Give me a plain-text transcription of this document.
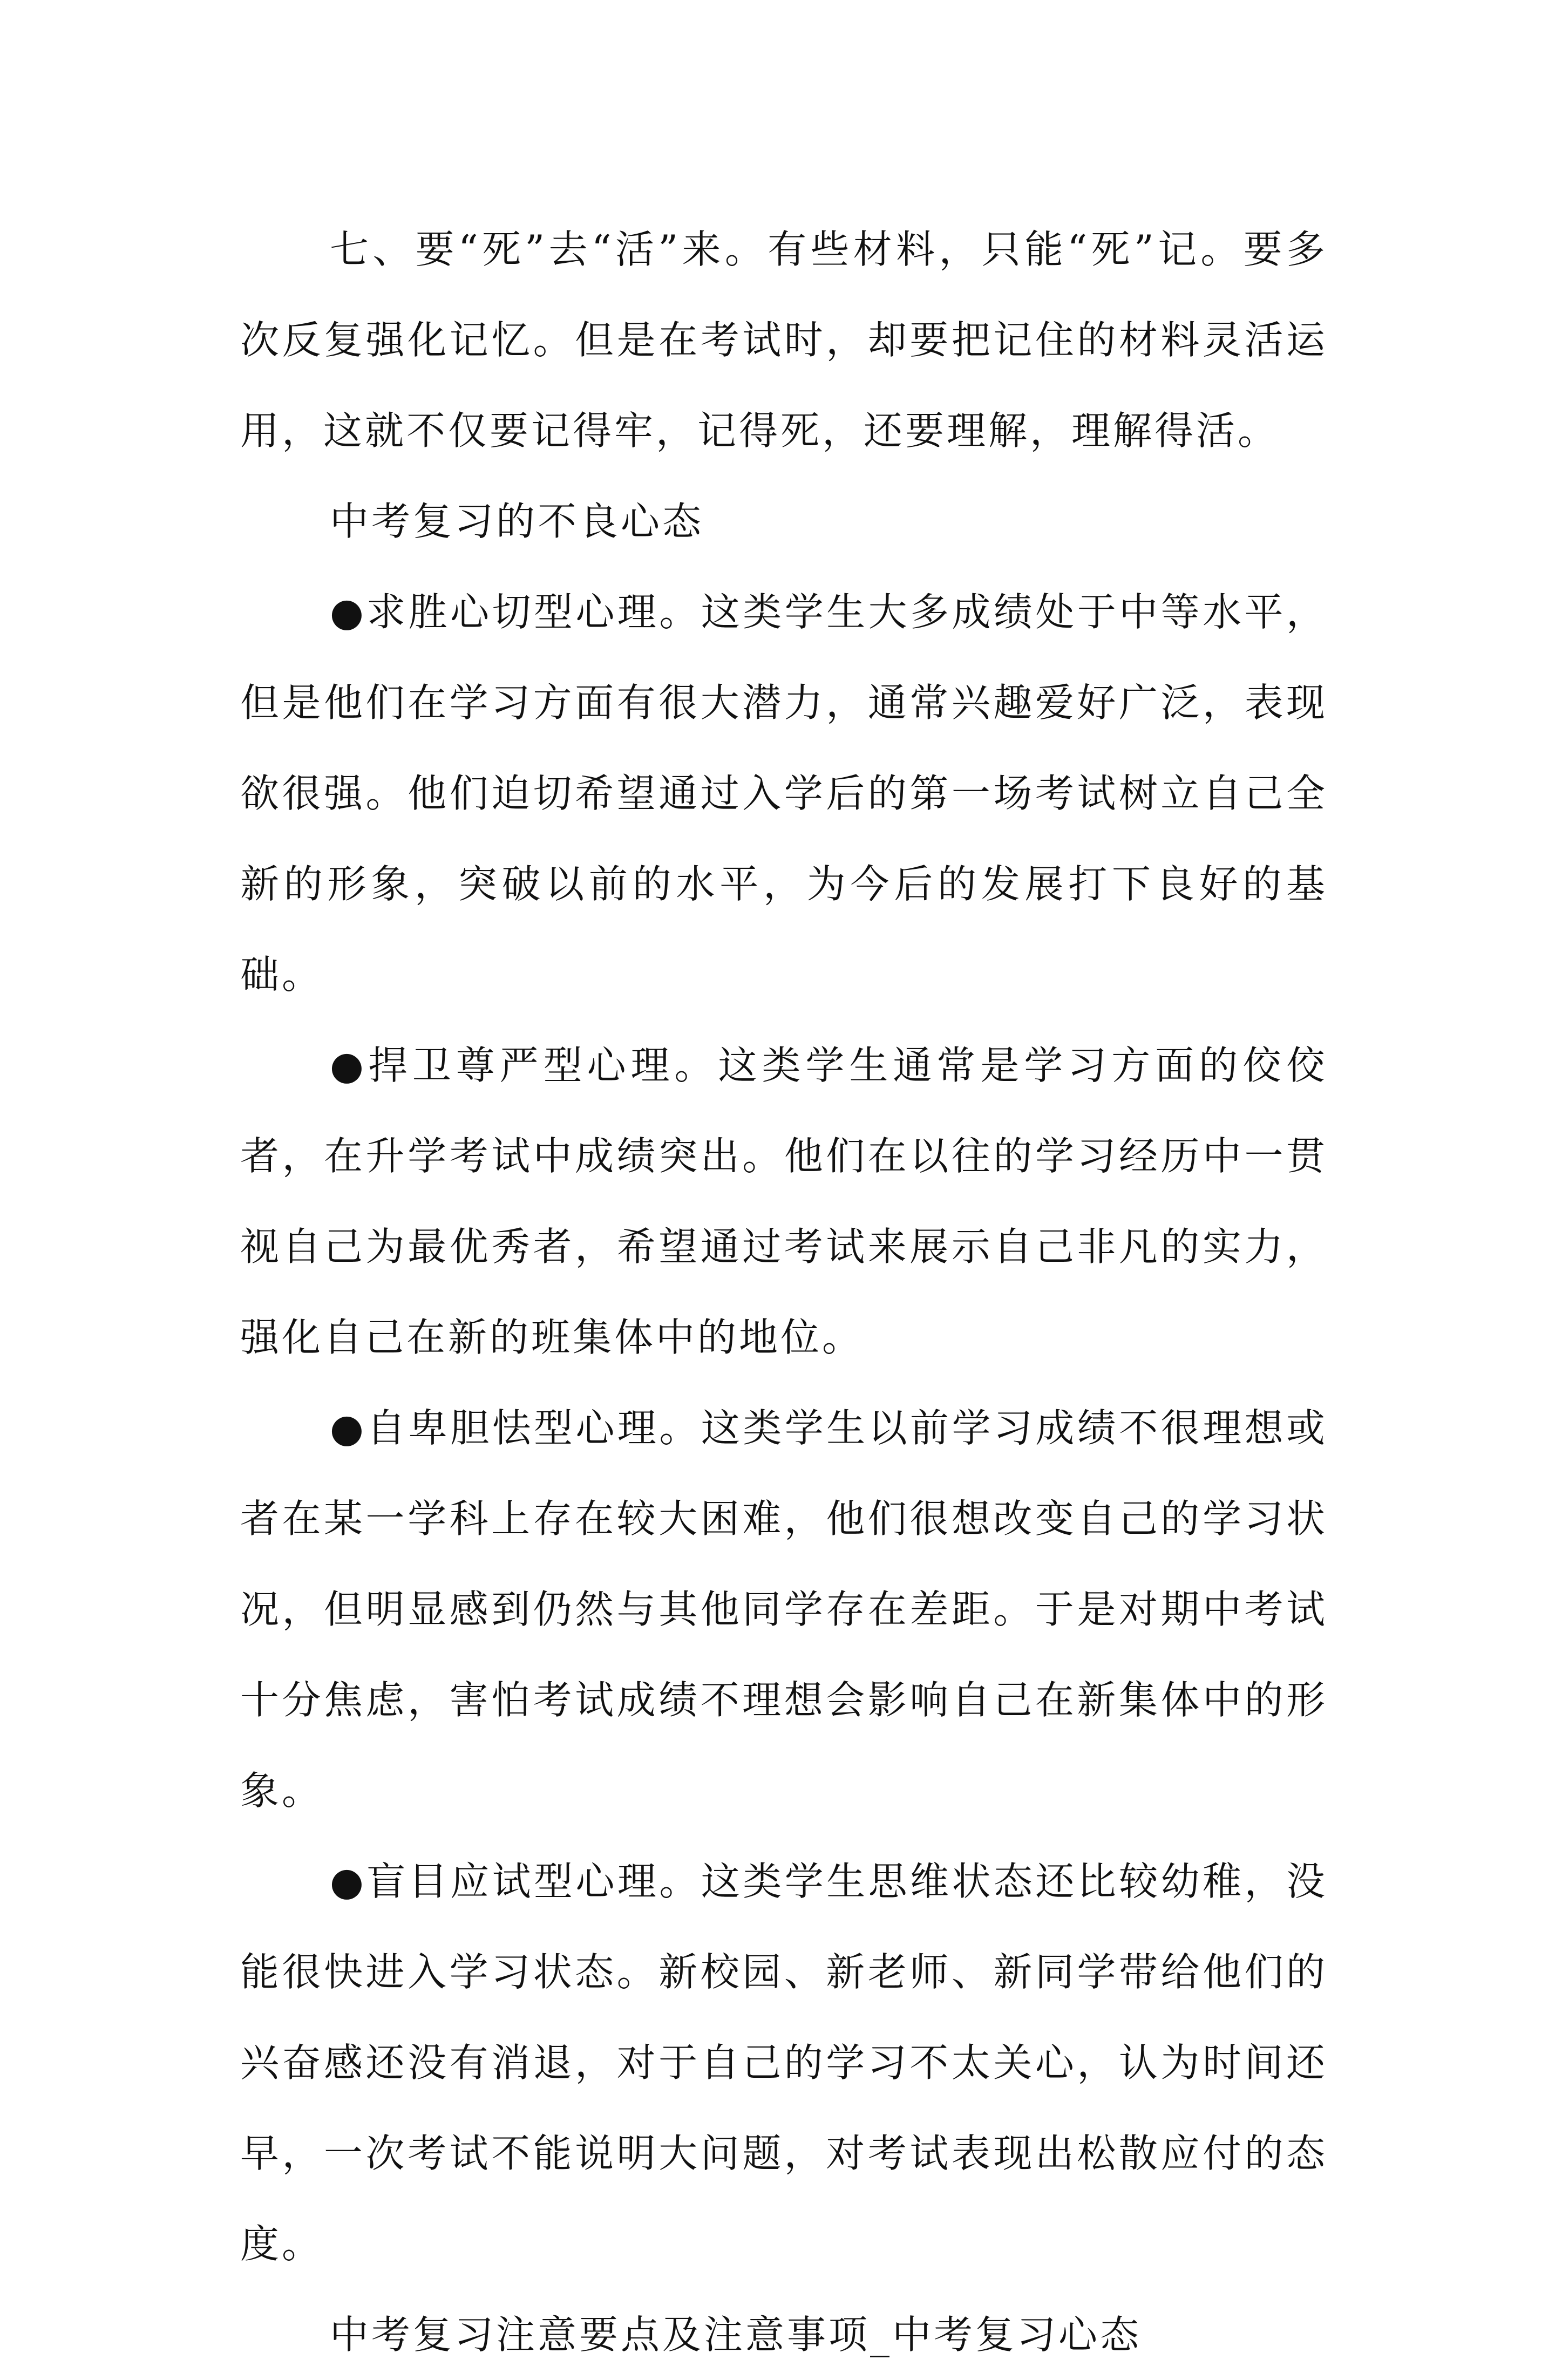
七、要“死”去“活”来。有些材料，只能“死”记。要多次反复强化记忆。但是在考试时，却要把记住的材料灵活运用，这就不仅要记得牢，记得死，还要理解，理解得活。

中考复习的不良心态

●求胜心切型心理。这类学生大多成绩处于中等水平，但是他们在学习方面有很大潜力，通常兴趣爱好广泛，表现欲很强。他们迫切希望通过入学后的第一场考试树立自己全新的形象，突破以前的水平，为今后的发展打下良好的基础。

●捍卫尊严型心理。这类学生通常是学习方面的佼佼者，在升学考试中成绩突出。他们在以往的学习经历中一贯视自己为最优秀者，希望通过考试来展示自己非凡的实力，强化自己在新的班集体中的地位。

●自卑胆怯型心理。这类学生以前学习成绩不很理想或者在某一学科上存在较大困难，他们很想改变自己的学习状况，但明显感到仍然与其他同学存在差距。于是对期中考试十分焦虑，害怕考试成绩不理想会影响自己在新集体中的形象。

●盲目应试型心理。这类学生思维状态还比较幼稚，没能很快进入学习状态。新校园、新老师、新同学带给他们的兴奋感还没有消退，对于自己的学习不太关心，认为时间还早，一次考试不能说明大问题，对考试表现出松散应付的态度。

中考复习注意要点及注意事项_中考复习心态
